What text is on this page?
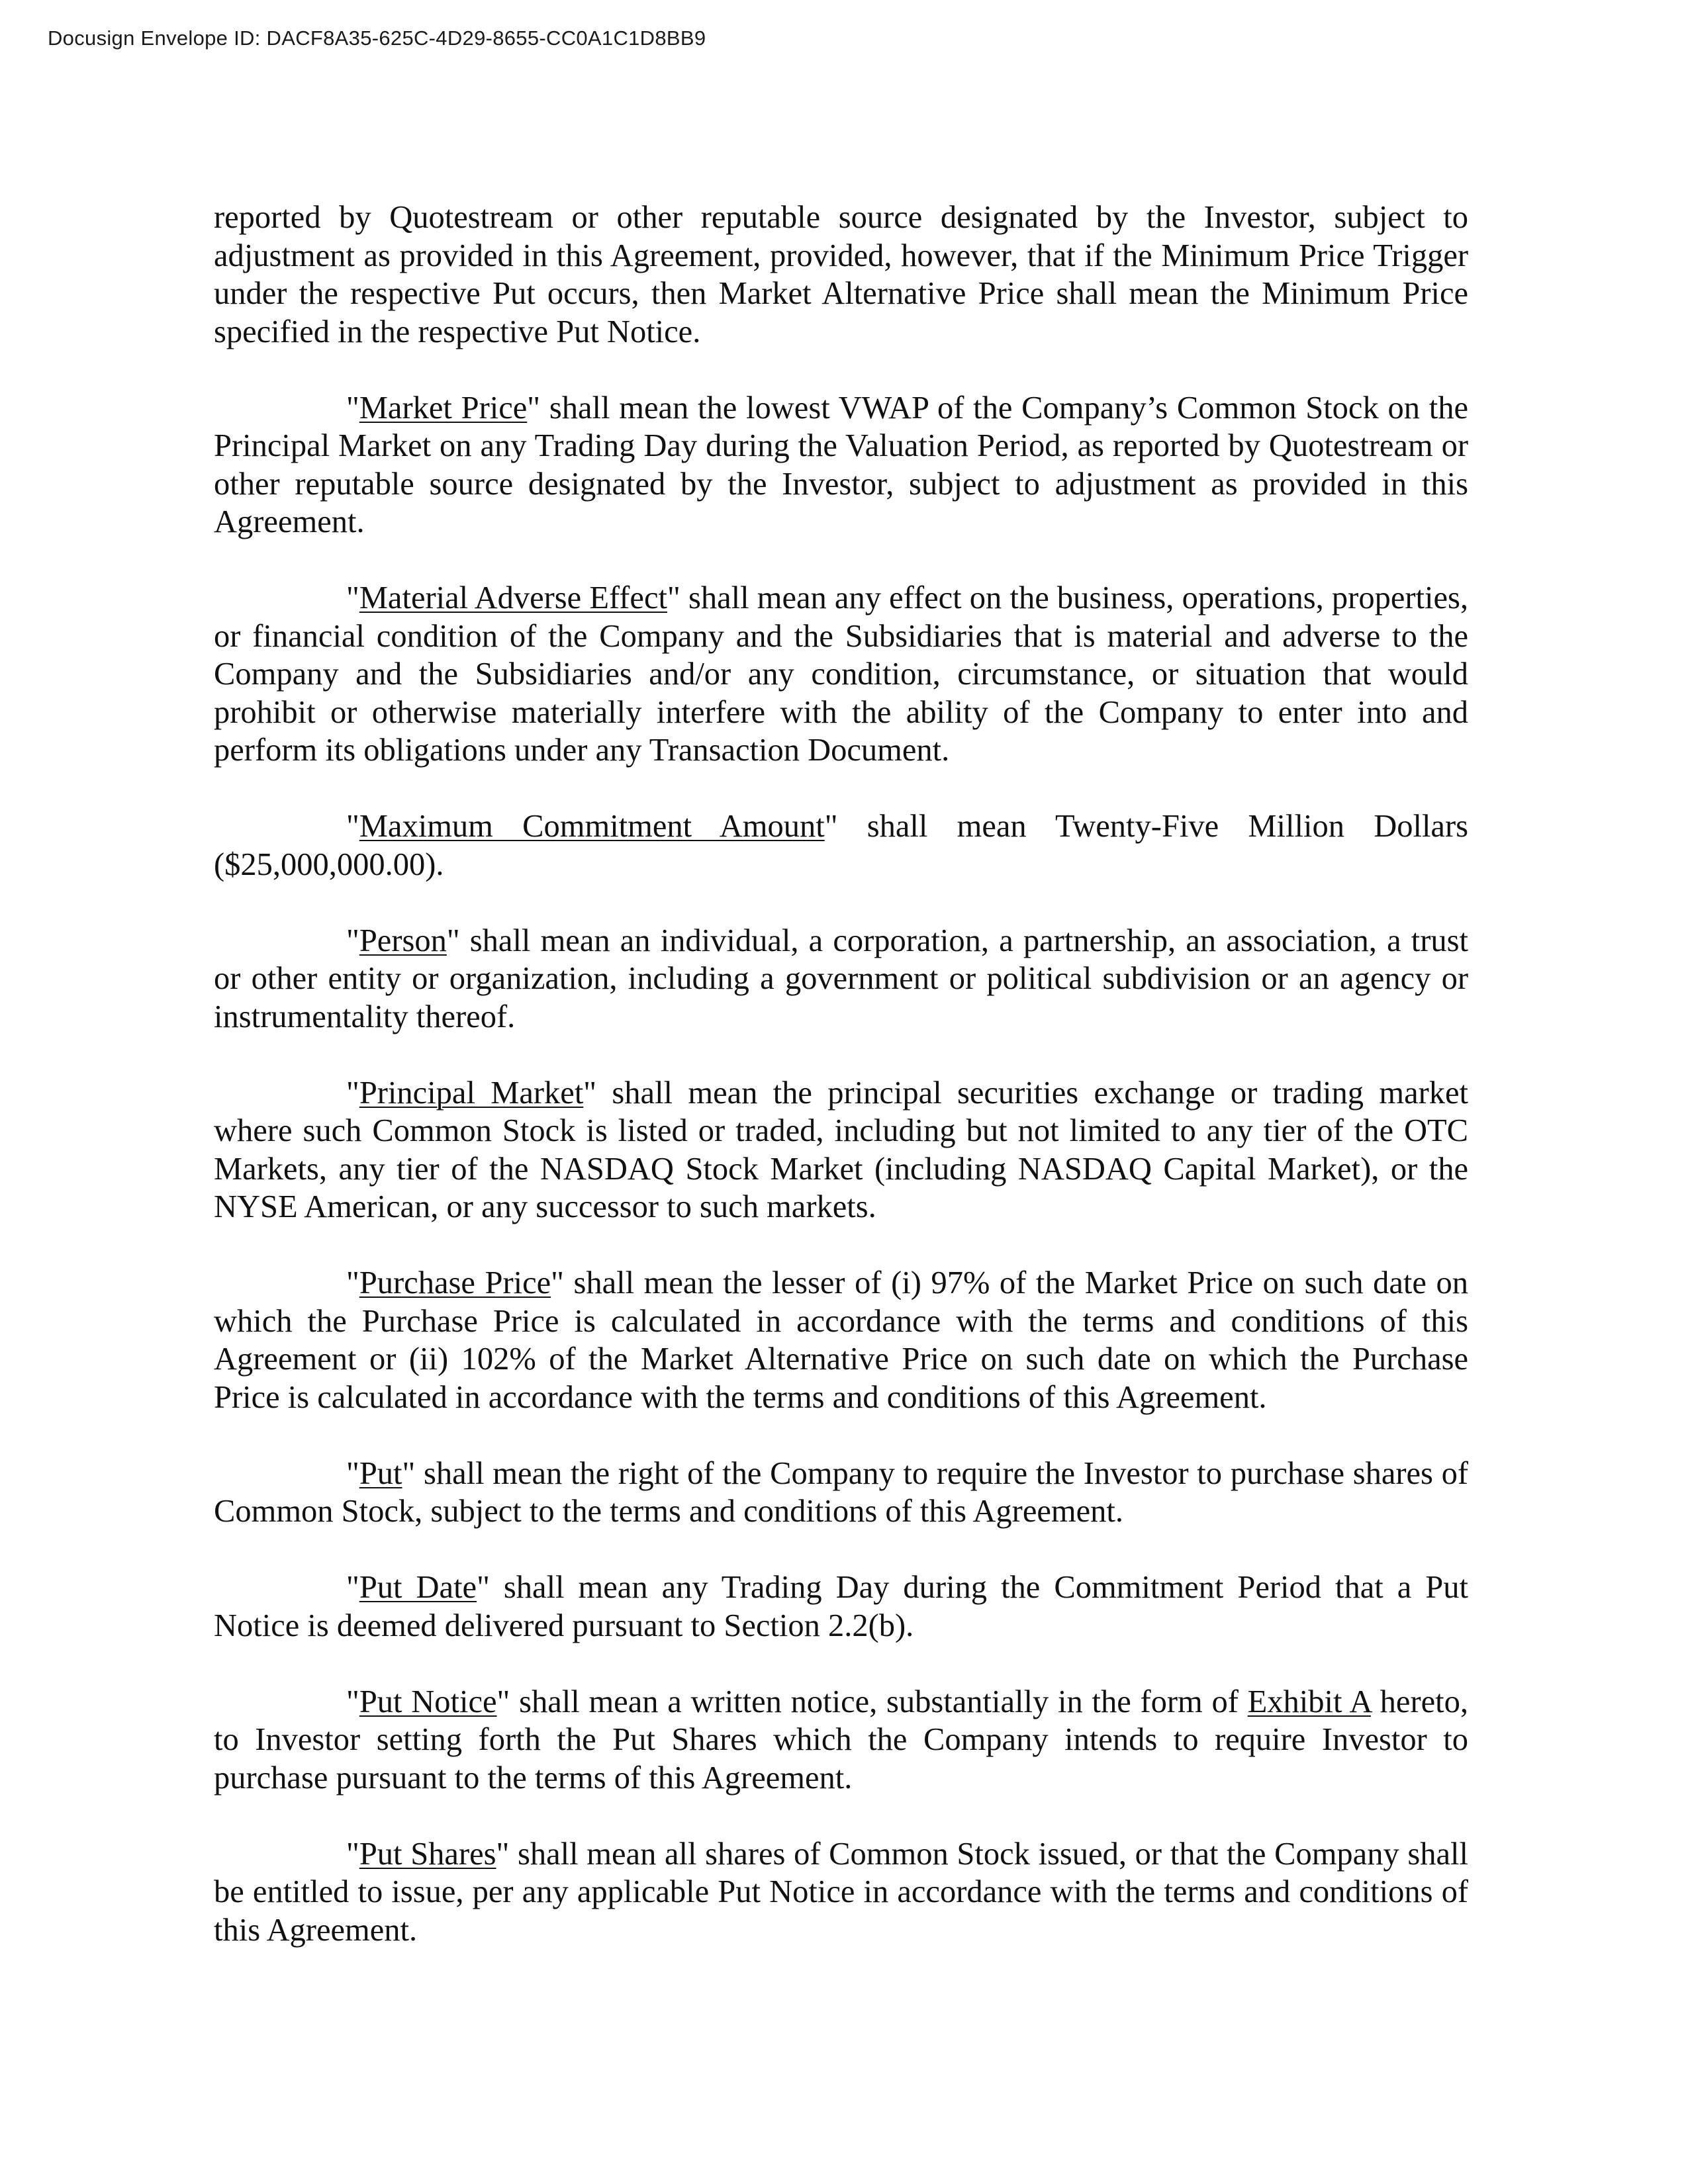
Docusign Envelope ID: DACF8A35-625C-4D29-8655-CC0A1C1D8BB9

reported by Quotestream or other reputable source designated by the Investor, subject to adjustment as provided in this Agreement, provided, however, that if the Minimum Price Trigger under the respective Put occurs, then Market Alternative Price shall mean the Minimum Price specified in the respective Put Notice.

"Market Price" shall mean the lowest VWAP of the Company’s Common Stock on the Principal Market on any Trading Day during the Valuation Period, as reported by Quotestream or other reputable source designated by the Investor, subject to adjustment as provided in this Agreement.

"Material Adverse Effect" shall mean any effect on the business, operations, properties, or financial condition of the Company and the Subsidiaries that is material and adverse to the Company and the Subsidiaries and/or any condition, circumstance, or situation that would prohibit or otherwise materially interfere with the ability of the Company to enter into and perform its obligations under any Transaction Document.

"Maximum Commitment Amount" shall mean Twenty-Five Million Dollars ($25,000,000.00).

"Person" shall mean an individual, a corporation, a partnership, an association, a trust or other entity or organization, including a government or political subdivision or an agency or instrumentality thereof.

"Principal Market" shall mean the principal securities exchange or trading market where such Common Stock is listed or traded, including but not limited to any tier of the OTC Markets, any tier of the NASDAQ Stock Market (including NASDAQ Capital Market), or the NYSE American, or any successor to such markets.

"Purchase Price" shall mean the lesser of (i) 97% of the Market Price on such date on which the Purchase Price is calculated in accordance with the terms and conditions of this Agreement or (ii) 102% of the Market Alternative Price on such date on which the Purchase Price is calculated in accordance with the terms and conditions of this Agreement.

"Put" shall mean the right of the Company to require the Investor to purchase shares of Common Stock, subject to the terms and conditions of this Agreement.

"Put Date" shall mean any Trading Day during the Commitment Period that a Put Notice is deemed delivered pursuant to Section 2.2(b).

"Put Notice" shall mean a written notice, substantially in the form of Exhibit A hereto, to Investor setting forth the Put Shares which the Company intends to require Investor to purchase pursuant to the terms of this Agreement.

"Put Shares" shall mean all shares of Common Stock issued, or that the Company shall be entitled to issue, per any applicable Put Notice in accordance with the terms and conditions of this Agreement.
